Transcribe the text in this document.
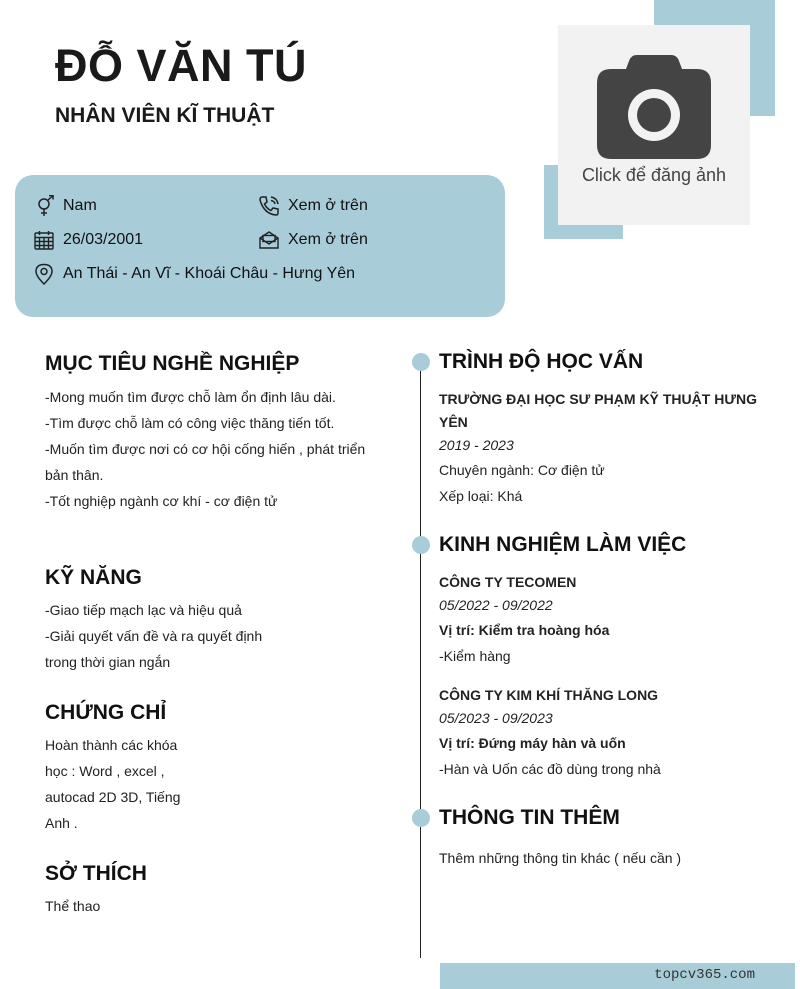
ĐỖ VĂN TÚ
NHÂN VIÊN KĨ THUẬT
Click để đăng ảnh
Nam	Xem ở trên
26/03/2001	Xem ở trên
An Thái - An Vĩ - Khoái Châu - Hưng Yên
MỤC TIÊU NGHỀ NGHIỆP
-Mong muốn tìm được chỗ làm ổn định lâu dài.
-Tìm được chỗ làm có công việc thăng tiến tốt.
-Muốn tìm được nơi có cơ hội cống hiến , phát triển
bản thân.
-Tốt nghiệp ngành cơ khí - cơ điện tử
KỸ NĂNG
-Giao tiếp mạch lạc và hiệu quả
-Giải quyết vấn đề và ra quyết định
trong thời gian ngắn
CHỨNG CHỈ
Hoàn thành các khóa
học : Word , excel ,
autocad 2D 3D, Tiếng
Anh .
SỞ THÍCH
Thể thao
TRÌNH ĐỘ HỌC VẤN
TRƯỜNG ĐẠI HỌC SƯ PHẠM KỸ THUẬT HƯNG YÊN
2019 - 2023
Chuyên ngành: Cơ điện tử
Xếp loại: Khá
KINH NGHIỆM LÀM VIỆC
CÔNG TY TECOMEN
05/2022 - 09/2022
Vị trí: Kiểm tra hoàng hóa
-Kiểm hàng
CÔNG TY KIM KHÍ THĂNG LONG
05/2023 - 09/2023
Vị trí: Đứng máy hàn và uốn
-Hàn và Uốn các đồ dùng trong nhà
THÔNG TIN THÊM
Thêm những thông tin khác ( nếu cần )
topcv365.com
